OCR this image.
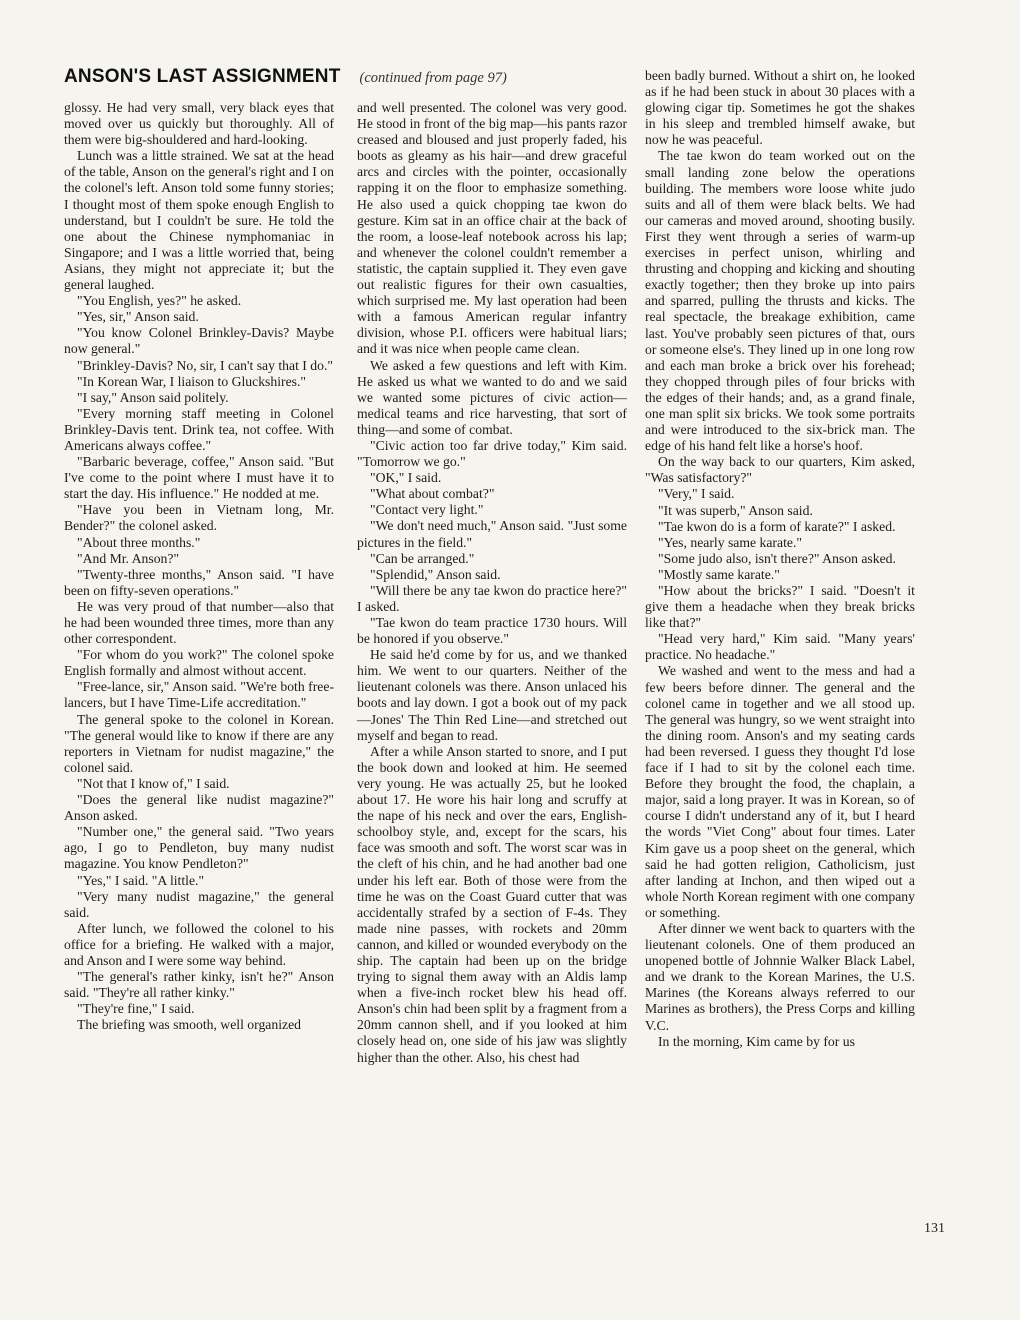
ANSON'S LAST ASSIGNMENT (continued from page 97)

glossy. He had very small, very black eyes that moved over us quickly but thoroughly. All of them were big-shouldered and hard-looking.

Lunch was a little strained. We sat at the head of the table, Anson on the general's right and I on the colonel's left. Anson told some funny stories; I thought most of them spoke enough English to understand, but I couldn't be sure. He told the one about the Chinese nymphomaniac in Singapore; and I was a little worried that, being Asians, they might not appreciate it; but the general laughed.

"You English, yes?" he asked.

"Yes, sir," Anson said.

"You know Colonel Brinkley-Davis? Maybe now general."

"Brinkley-Davis? No, sir, I can't say that I do."

"In Korean War, I liaison to Gluckshires."

"I say," Anson said politely.

"Every morning staff meeting in Colonel Brinkley-Davis tent. Drink tea, not coffee. With Americans always coffee."

"Barbaric beverage, coffee," Anson said. "But I've come to the point where I must have it to start the day. His influence." He nodded at me.

"Have you been in Vietnam long, Mr. Bender?" the colonel asked.

"About three months."

"And Mr. Anson?"

"Twenty-three months," Anson said. "I have been on fifty-seven operations."

He was very proud of that number—also that he had been wounded three times, more than any other correspondent.

"For whom do you work?" The colonel spoke English formally and almost without accent.

"Free-lance, sir," Anson said. "We're both free-lancers, but I have Time-Life accreditation."

The general spoke to the colonel in Korean. "The general would like to know if there are any reporters in Vietnam for nudist magazine," the colonel said.

"Not that I know of," I said.

"Does the general like nudist magazine?" Anson asked.

"Number one," the general said. "Two years ago, I go to Pendleton, buy many nudist magazine. You know Pendleton?"

"Yes," I said. "A little."

"Very many nudist magazine," the general said.

After lunch, we followed the colonel to his office for a briefing. He walked with a major, and Anson and I were some way behind.

"The general's rather kinky, isn't he?" Anson said. "They're all rather kinky."

"They're fine," I said.

The briefing was smooth, well organized

and well presented. The colonel was very good. He stood in front of the big map—his pants razor creased and bloused and just properly faded, his boots as gleamy as his hair—and drew graceful arcs and circles with the pointer, occasionally rapping it on the floor to emphasize something. He also used a quick chopping tae kwon do gesture. Kim sat in an office chair at the back of the room, a loose-leaf notebook across his lap; and whenever the colonel couldn't remember a statistic, the captain supplied it. They even gave out realistic figures for their own casualties, which surprised me. My last operation had been with a famous American regular infantry division, whose P.I. officers were habitual liars; and it was nice when people came clean.

We asked a few questions and left with Kim. He asked us what we wanted to do and we said we wanted some pictures of civic action—medical teams and rice harvesting, that sort of thing—and some of combat.

"Civic action too far drive today," Kim said. "Tomorrow we go."

"OK," I said.

"What about combat?"

"Contact very light."

"We don't need much," Anson said. "Just some pictures in the field."

"Can be arranged."

"Splendid," Anson said.

"Will there be any tae kwon do practice here?" I asked.

"Tae kwon do team practice 1730 hours. Will be honored if you observe."

He said he'd come by for us, and we thanked him. We went to our quarters. Neither of the lieutenant colonels was there. Anson unlaced his boots and lay down. I got a book out of my pack—Jones' The Thin Red Line—and stretched out myself and began to read.

After a while Anson started to snore, and I put the book down and looked at him. He seemed very young. He was actually 25, but he looked about 17. He wore his hair long and scruffy at the nape of his neck and over the ears, English-schoolboy style, and, except for the scars, his face was smooth and soft. The worst scar was in the cleft of his chin, and he had another bad one under his left ear. Both of those were from the time he was on the Coast Guard cutter that was accidentally strafed by a section of F-4s. They made nine passes, with rockets and 20mm cannon, and killed or wounded everybody on the ship. The captain had been up on the bridge trying to signal them away with an Aldis lamp when a five-inch rocket blew his head off. Anson's chin had been split by a fragment from a 20mm cannon shell, and if you looked at him closely head on, one side of his jaw was slightly higher than the other. Also, his chest had

been badly burned. Without a shirt on, he looked as if he had been stuck in about 30 places with a glowing cigar tip. Sometimes he got the shakes in his sleep and trembled himself awake, but now he was peaceful.

The tae kwon do team worked out on the small landing zone below the operations building. The members wore loose white judo suits and all of them were black belts. We had our cameras and moved around, shooting busily. First they went through a series of warm-up exercises in perfect unison, whirling and thrusting and chopping and kicking and shouting exactly together; then they broke up into pairs and sparred, pulling the thrusts and kicks. The real spectacle, the breakage exhibition, came last. You've probably seen pictures of that, ours or someone else's. They lined up in one long row and each man broke a brick over his forehead; they chopped through piles of four bricks with the edges of their hands; and, as a grand finale, one man split six bricks. We took some portraits and were introduced to the six-brick man. The edge of his hand felt like a horse's hoof.

On the way back to our quarters, Kim asked, "Was satisfactory?"

"Very," I said.

"It was superb," Anson said.

"Tae kwon do is a form of karate?" I asked.

"Yes, nearly same karate."

"Some judo also, isn't there?" Anson asked.

"Mostly same karate."

"How about the bricks?" I said. "Doesn't it give them a headache when they break bricks like that?"

"Head very hard," Kim said. "Many years' practice. No headache."

We washed and went to the mess and had a few beers before dinner. The general and the colonel came in together and we all stood up. The general was hungry, so we went straight into the dining room. Anson's and my seating cards had been reversed. I guess they thought I'd lose face if I had to sit by the colonel each time. Before they brought the food, the chaplain, a major, said a long prayer. It was in Korean, so of course I didn't understand any of it, but I heard the words "Viet Cong" about four times. Later Kim gave us a poop sheet on the general, which said he had gotten religion, Catholicism, just after landing at Inchon, and then wiped out a whole North Korean regiment with one company or something.

After dinner we went back to quarters with the lieutenant colonels. One of them produced an unopened bottle of Johnnie Walker Black Label, and we drank to the Korean Marines, the U.S. Marines (the Koreans always referred to our Marines as brothers), the Press Corps and killing V.C.

In the morning, Kim came by for us

131
